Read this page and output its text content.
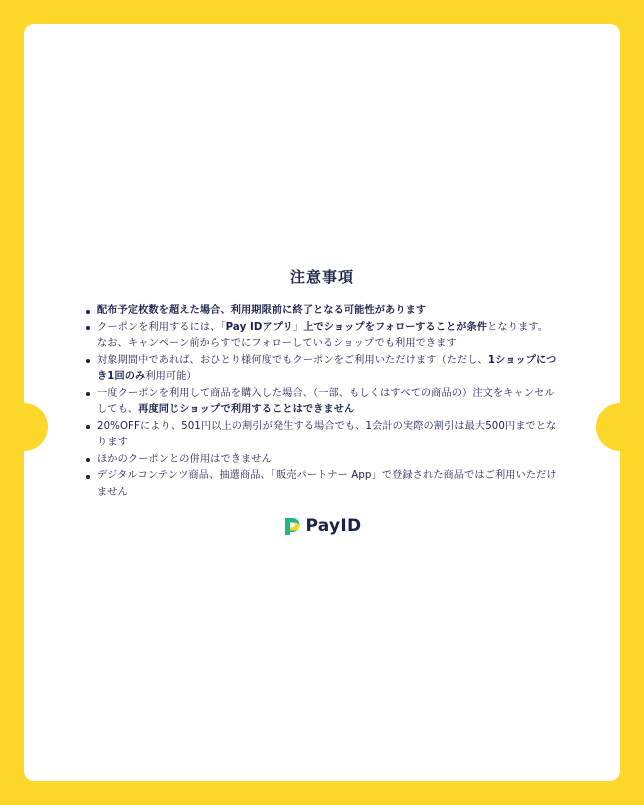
注意事項
配布予定枚数を超えた場合、利用期限前に終了となる可能性があります
クーポンを利用するには、「Pay IDアプリ」上でショップをフォローすることが条件となります。なお、キャンペーン前からすでにフォローしているショップでも利用できます
対象期間中であれば、おひとり様何度でもクーポンをご利用いただけます（ただし、1ショップにつき1回のみ利用可能）
一度クーポンを利用して商品を購入した場合、（一部、もしくはすべての商品の）注文をキャンセルしても、再度同じショップで利用することはできません
20%OFFにより、501円以上の割引が発生する場合でも、1会計の実際の割引は最大500円までとなります
ほかのクーポンとの併用はできません
デジタルコンテンツ商品、抽選商品、「販売パートナー App」で登録された商品ではご利用いただけません
PayID
